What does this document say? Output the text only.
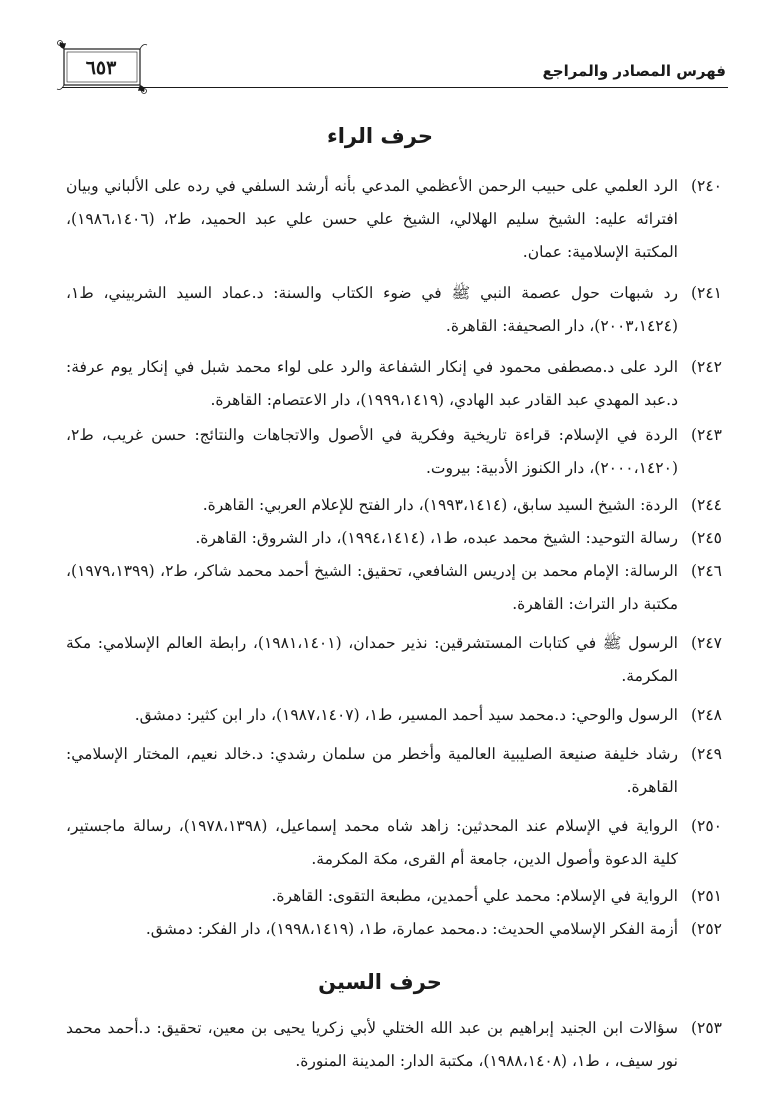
فهرس المصادر والمراجع
٦٥٣
حرف الراء
٢٤٠)
الرد العلمي على حبيب الرحمن الأعظمي المدعي بأنه أرشد السلفي في رده على الألباني وبيان افترائه عليه: الشيخ سليم الهلالي، الشيخ علي حسن علي عبد الحميد، ط٢، (١٩٨٦،١٤٠٦)، المكتبة الإسلامية: عمان.
٢٤١)
رد شبهات حول عصمة النبي ﷺ في ضوء الكتاب والسنة: د.عماد السيد الشربيني، ط١، (٢٠٠٣،١٤٢٤)، دار الصحيفة: القاهرة.
٢٤٢)
الرد على د.مصطفى محمود في إنكار الشفاعة والرد على لواء محمد شبل في إنكار يوم عرفة: د.عبد المهدي عبد القادر عبد الهادي، (١٩٩٩،١٤١٩)، دار الاعتصام: القاهرة.
٢٤٣)
الردة في الإسلام: قراءة تاريخية وفكرية في الأصول والاتجاهات والنتائج: حسن غريب، ط٢، (٢٠٠٠،١٤٢٠)، دار الكنوز الأدبية: بيروت.
٢٤٤)
الردة: الشيخ السيد سابق، (١٩٩٣،١٤١٤)، دار الفتح للإعلام العربي: القاهرة.
٢٤٥)
رسالة التوحيد: الشيخ محمد عبده، ط١، (١٩٩٤،١٤١٤)، دار الشروق: القاهرة.
٢٤٦)
الرسالة: الإمام محمد بن إدريس الشافعي، تحقيق: الشيخ أحمد محمد شاكر، ط٢، (١٩٧٩،١٣٩٩)، مكتبة دار التراث: القاهرة.
٢٤٧)
الرسول ﷺ في كتابات المستشرقين: نذير حمدان، (١٩٨١،١٤٠١)، رابطة العالم الإسلامي: مكة المكرمة.
٢٤٨)
الرسول والوحي: د.محمد سيد أحمد المسير، ط١، (١٩٨٧،١٤٠٧)، دار ابن كثير: دمشق.
٢٤٩)
رشاد خليفة صنيعة الصليبية العالمية وأخطر من سلمان رشدي: د.خالد نعيم، المختار الإسلامي: القاهرة.
٢٥٠)
الرواية في الإسلام عند المحدثين: زاهد شاه محمد إسماعيل، (١٩٧٨،١٣٩٨)، رسالة ماجستير، كلية الدعوة وأصول الدين، جامعة أم القرى، مكة المكرمة.
٢٥١)
الرواية في الإسلام: محمد علي أحمدين، مطبعة التقوى: القاهرة.
٢٥٢)
أزمة الفكر الإسلامي الحديث: د.محمد عمارة، ط١، (١٩٩٨،١٤١٩)، دار الفكر: دمشق.
حرف السين
٢٥٣)
سؤالات ابن الجنيد إبراهيم بن عبد الله الختلي لأبي زكريا يحيى بن معين، تحقيق: د.أحمد محمد نور سيف، ، ط١، (١٩٨٨،١٤٠٨)، مكتبة الدار: المدينة المنورة.
